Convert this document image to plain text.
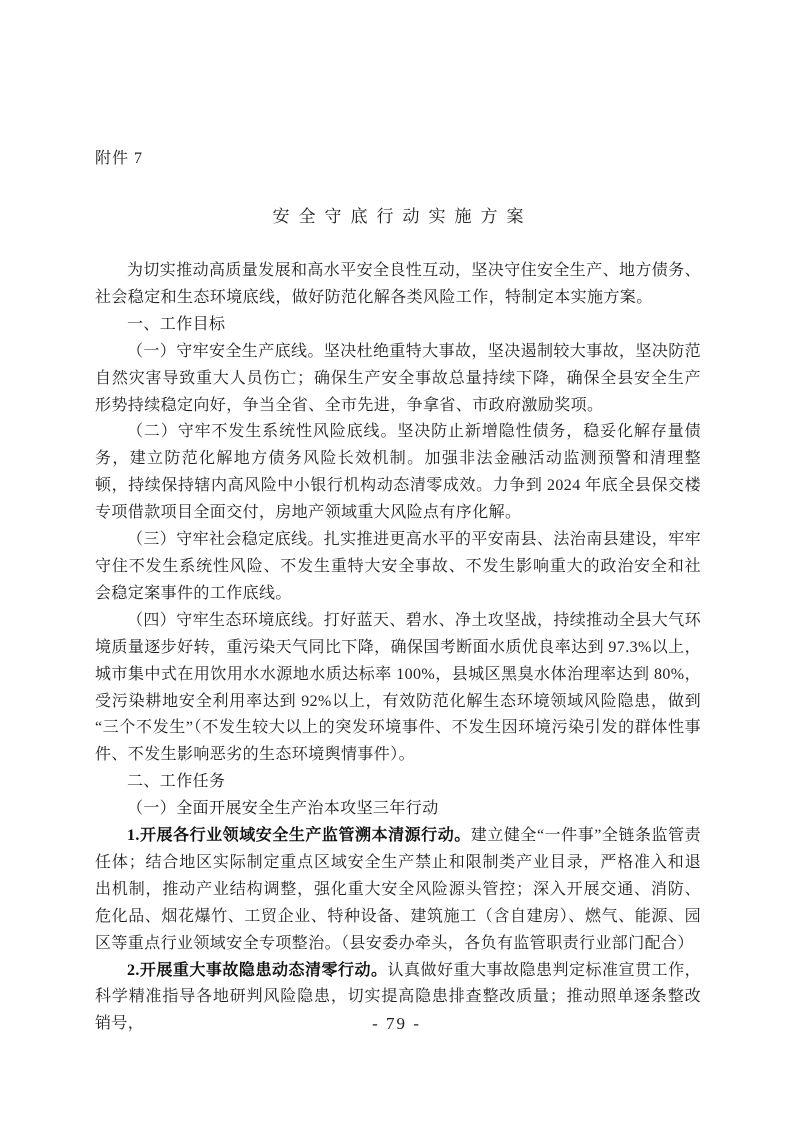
附件 7
安全守底行动实施方案

为切实推动高质量发展和高水平安全良性互动，坚决守住安全生产、地方债务、社会稳定和生态环境底线，做好防范化解各类风险工作，特制定本实施方案。

一、工作目标

（一）守牢安全生产底线。坚决杜绝重特大事故，坚决遏制较大事故，坚决防范自然灾害导致重大人员伤亡；确保生产安全事故总量持续下降，确保全县安全生产形势持续稳定向好，争当全省、全市先进，争拿省、市政府激励奖项。

（二）守牢不发生系统性风险底线。坚决防止新增隐性债务，稳妥化解存量债务，建立防范化解地方债务风险长效机制。加强非法金融活动监测预警和清理整顿，持续保持辖内高风险中小银行机构动态清零成效。力争到 2024 年底全县保交楼专项借款项目全面交付，房地产领域重大风险点有序化解。

（三）守牢社会稳定底线。扎实推进更高水平的平安南县、法治南县建设，牢牢守住不发生系统性风险、不发生重特大安全事故、不发生影响重大的政治安全和社会稳定案事件的工作底线。

（四）守牢生态环境底线。打好蓝天、碧水、净土攻坚战，持续推动全县大气环境质量逐步好转，重污染天气同比下降，确保国考断面水质优良率达到 97.3%以上，城市集中式在用饮用水水源地水质达标率 100%，县城区黑臭水体治理率达到 80%，受污染耕地安全利用率达到 92%以上，有效防范化解生态环境领域风险隐患，做到“三个不发生”（不发生较大以上的突发环境事件、不发生因环境污染引发的群体性事件、不发生影响恶劣的生态环境舆情事件）。

二、工作任务

（一）全面开展安全生产治本攻坚三年行动

1.开展各行业领域安全生产监管溯本清源行动。建立健全“一件事”全链条监管责任体；结合地区实际制定重点区域安全生产禁止和限制类产业目录，严格准入和退出机制，推动产业结构调整，强化重大安全风险源头管控；深入开展交通、消防、危化品、烟花爆竹、工贸企业、特种设备、建筑施工（含自建房）、燃气、能源、园区等重点行业领域安全专项整治。（县安委办牵头，各负有监管职责行业部门配合）

2.开展重大事故隐患动态清零行动。认真做好重大事故隐患判定标准宣贯工作，科学精准指导各地研判风险隐患，切实提高隐患排查整改质量；推动照单逐条整改销号，	- 79 -
